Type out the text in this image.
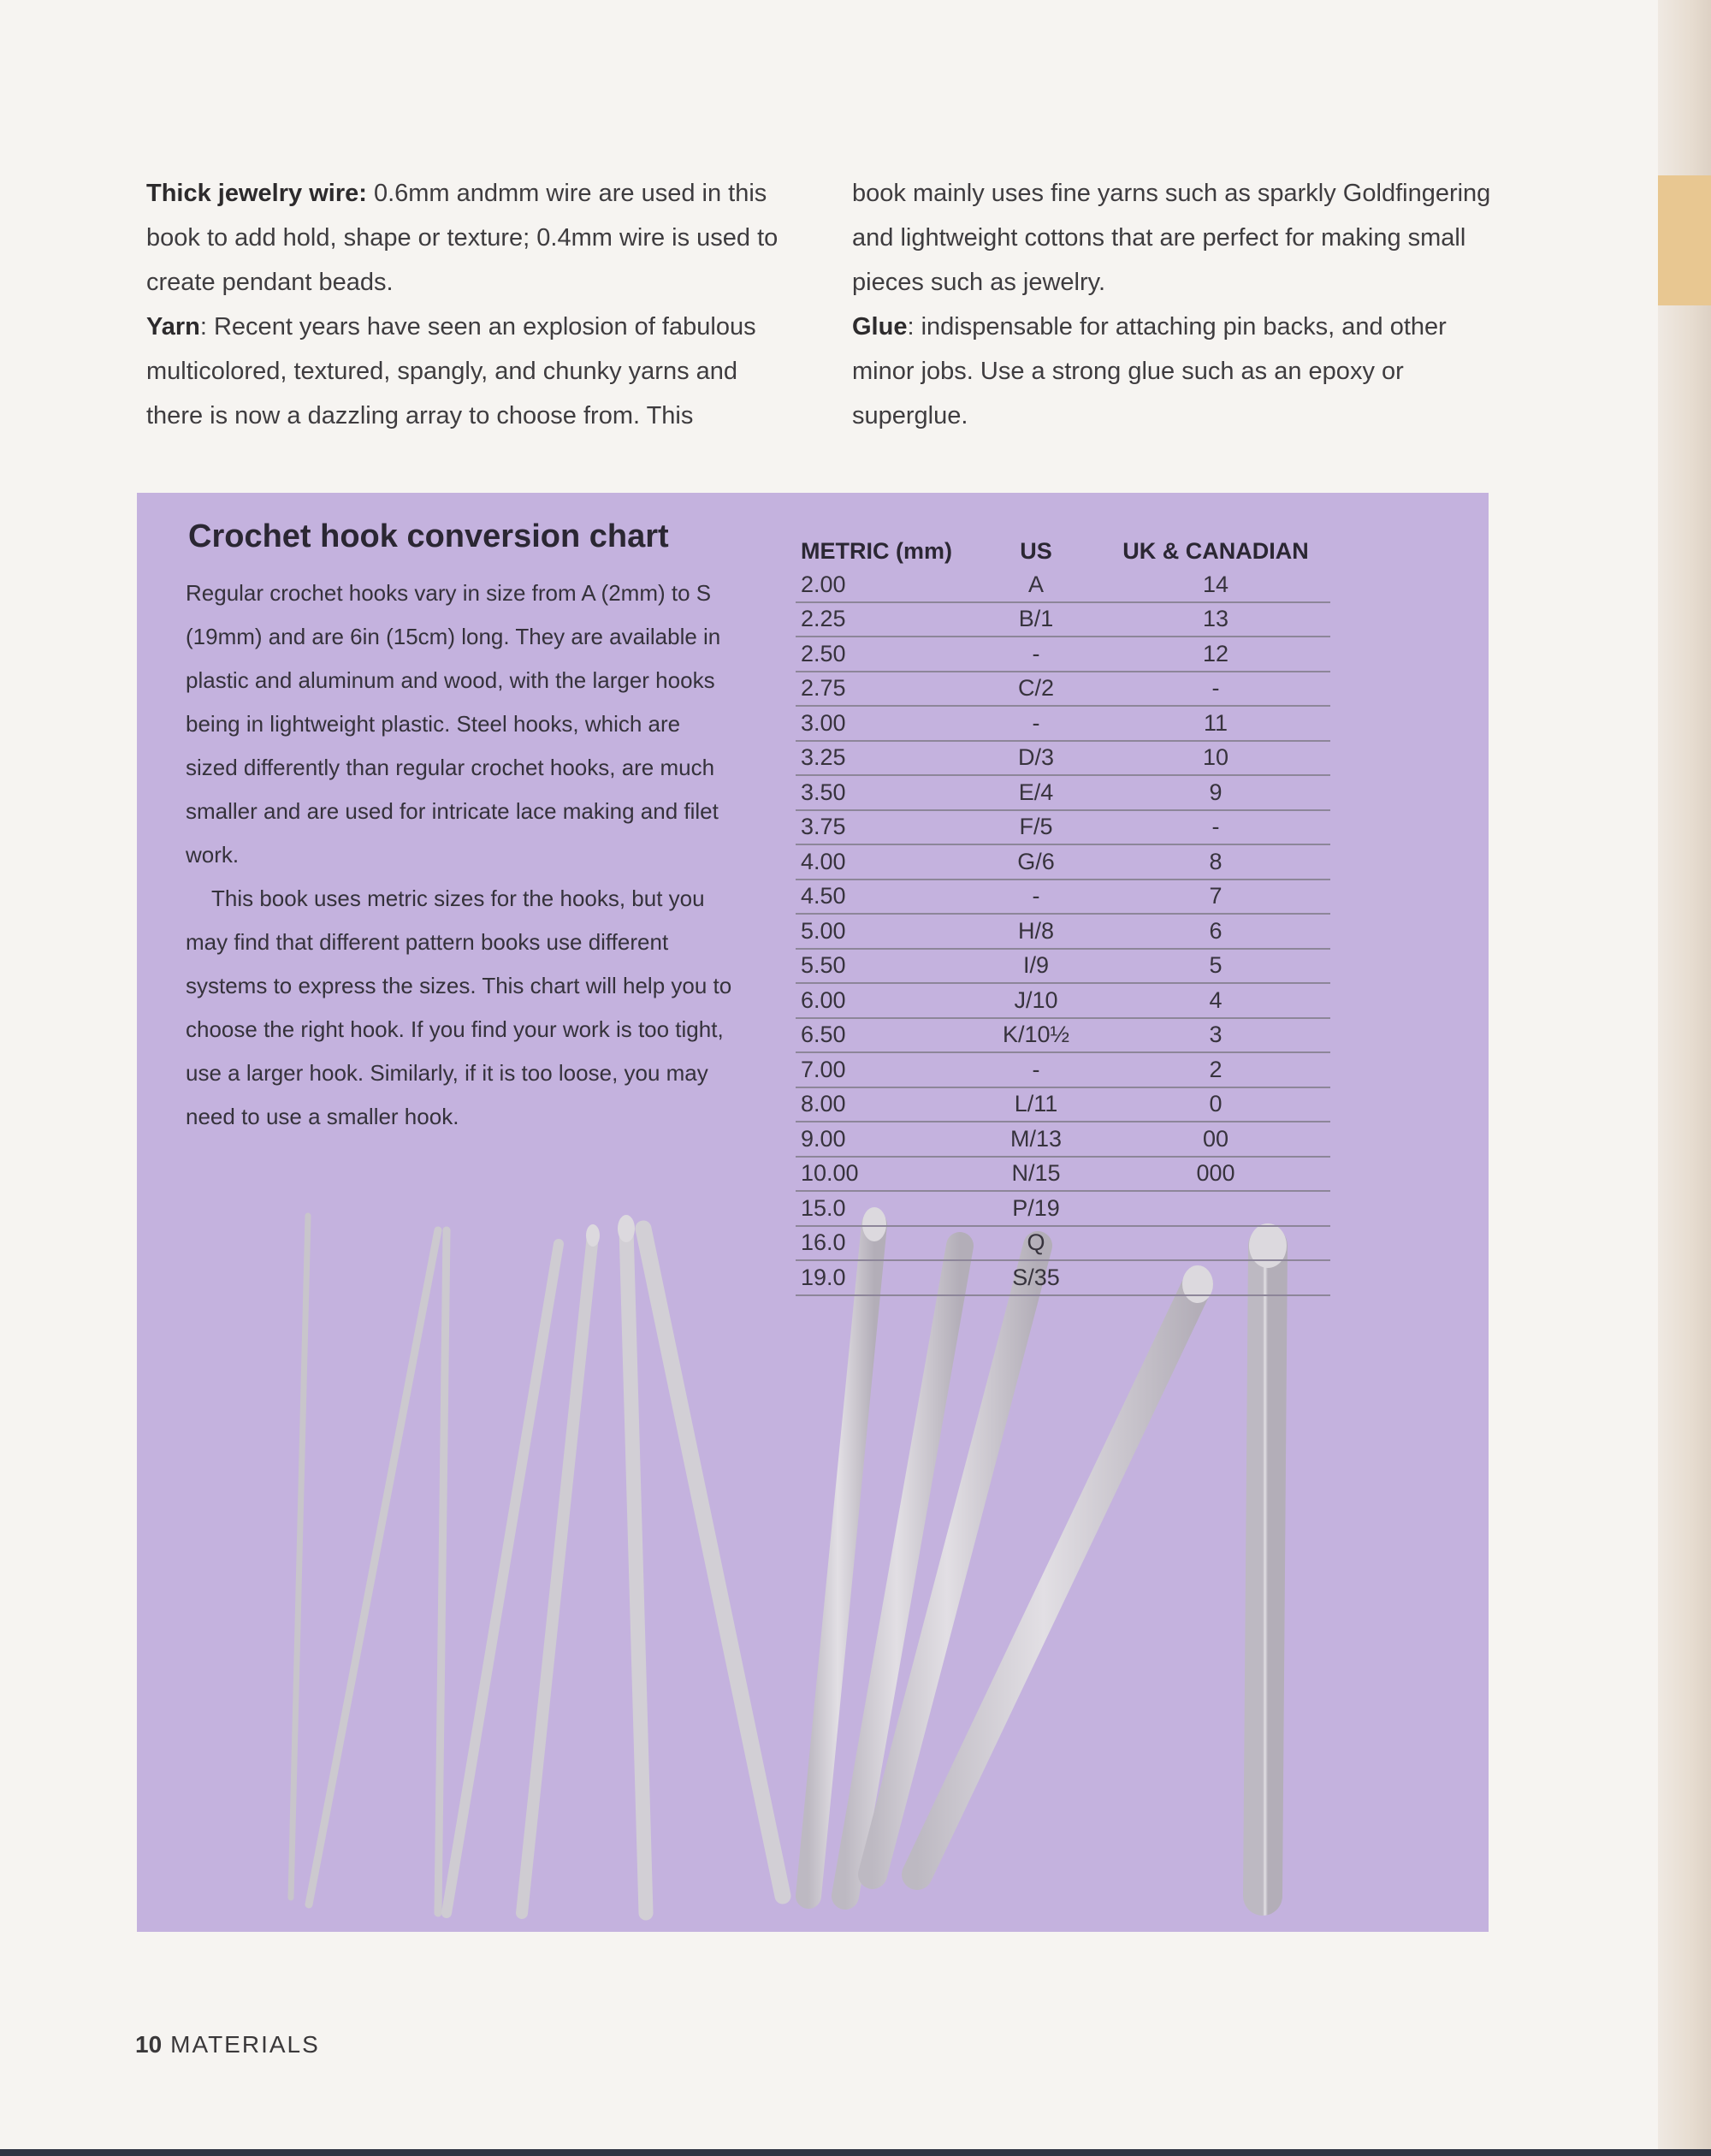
Thick jewelry wire: 0.6mm andmm wire are used in this book to add hold, shape or texture; 0.4mm wire is used to create pendant beads.

Yarn: Recent years have seen an explosion of fabulous multicolored, textured, spangly, and chunky yarns and there is now a dazzling array to choose from. This

book mainly uses fine yarns such as sparkly Goldfingering and lightweight cottons that are perfect for making small pieces such as jewelry.

Glue: indispensable for attaching pin backs, and other minor jobs. Use a strong glue such as an epoxy or superglue.

Crochet hook conversion chart

Regular crochet hooks vary in size from A (2mm) to S (19mm) and are 6in (15cm) long. They are available in plastic and aluminum and wood, with the larger hooks being in lightweight plastic. Steel hooks, which are sized differently than regular crochet hooks, are much smaller and are used for intricate lace making and filet work.

This book uses metric sizes for the hooks, but you may find that different pattern books use different systems to express the sizes. This chart will help you to choose the right hook. If you find your work is too tight, use a larger hook. Similarly, if it is too loose, you may need to use a smaller hook.

METRIC (mm)	US	UK & CANADIAN
2.00	A	14
2.25	B/1	13
2.50	-	12
2.75	C/2	-
3.00	-	11
3.25	D/3	10
3.50	E/4	9
3.75	F/5	-
4.00	G/6	8
4.50	-	7
5.00	H/8	6
5.50	I/9	5
6.00	J/10	4
6.50	K/10½	3
7.00	-	2
8.00	L/11	0
9.00	M/13	00
10.00	N/15	000
15.0	P/19
16.0	Q
19.0	S/35
10 MATERIALS
